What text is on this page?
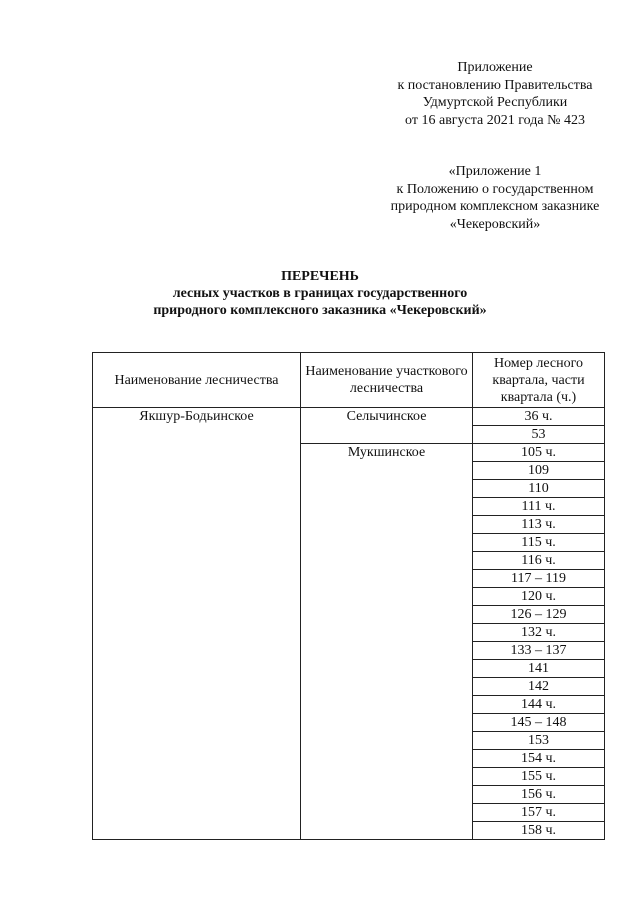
Приложение
к постановлению Правительства
Удмуртской Республики
от 16 августа 2021 года № 423
«Приложение 1
к Положению о государственном
природном комплексном заказнике
«Чекеровский»
ПЕРЕЧЕНЬ
лесных участков в границах государственного
природного комплексного заказника «Чекеровский»
Наименование лесничества	Наименование участкового лесничества	Номер лесного квартала, части квартала (ч.)
Якшур-Бодьинское	Селычинское	36 ч.
		53
	Мукшинское	105 ч.
		109
		110
		111 ч.
		113 ч.
		115 ч.
		116 ч.
		117 – 119
		120 ч.
		126 – 129
		132 ч.
		133 – 137
		141
		142
		144 ч.
		145 – 148
		153
		154 ч.
		155 ч.
		156 ч.
		157 ч.
		158 ч.
